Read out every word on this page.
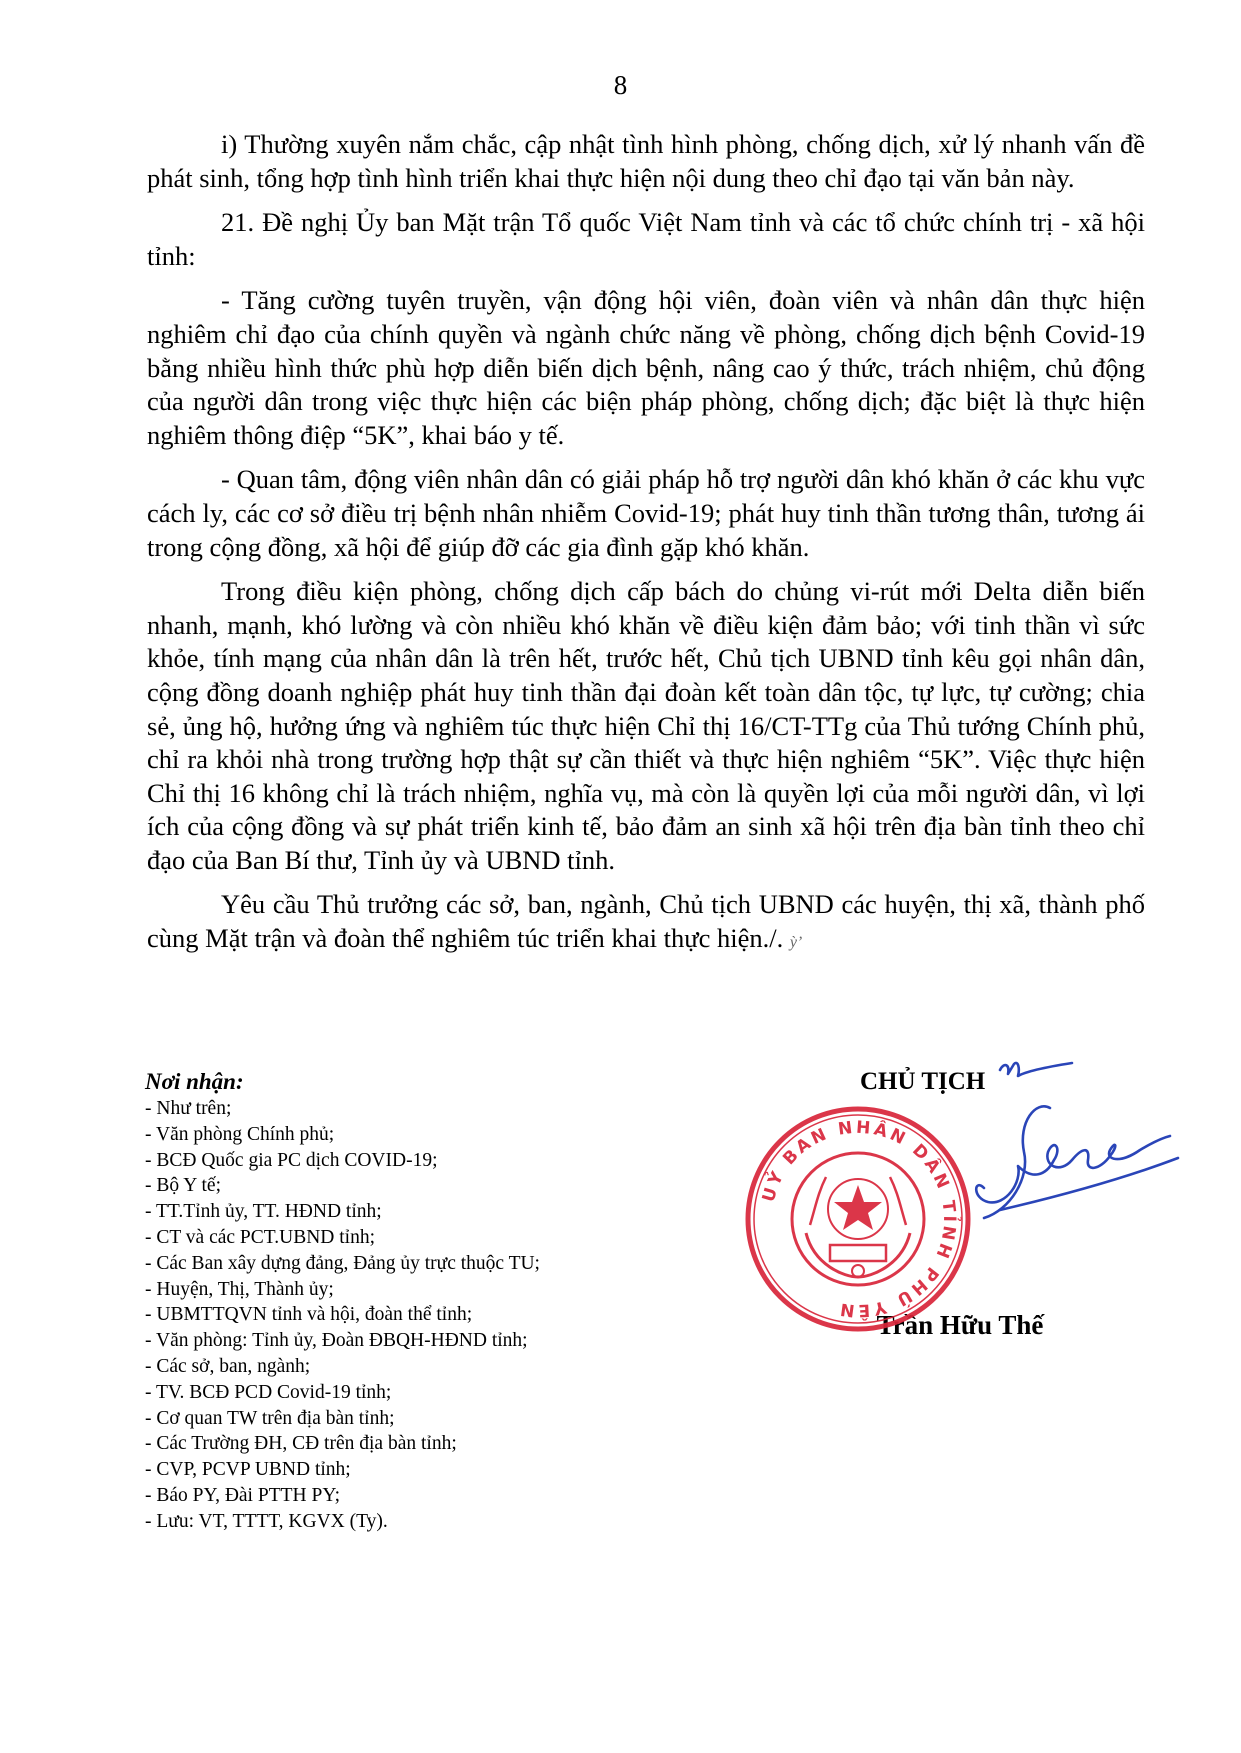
8

i) Thường xuyên nắm chắc, cập nhật tình hình phòng, chống dịch, xử lý nhanh vấn đề phát sinh, tổng hợp tình hình triển khai thực hiện nội dung theo chỉ đạo tại văn bản này.

21. Đề nghị Ủy ban Mặt trận Tổ quốc Việt Nam tỉnh và các tổ chức chính trị - xã hội tỉnh:

- Tăng cường tuyên truyền, vận động hội viên, đoàn viên và nhân dân thực hiện nghiêm chỉ đạo của chính quyền và ngành chức năng về phòng, chống dịch bệnh Covid-19 bằng nhiều hình thức phù hợp diễn biến dịch bệnh, nâng cao ý thức, trách nhiệm, chủ động của người dân trong việc thực hiện các biện pháp phòng, chống dịch; đặc biệt là thực hiện nghiêm thông điệp “5K”, khai báo y tế.

- Quan tâm, động viên nhân dân có giải pháp hỗ trợ người dân khó khăn ở các khu vực cách ly, các cơ sở điều trị bệnh nhân nhiễm Covid-19; phát huy tinh thần tương thân, tương ái trong cộng đồng, xã hội để giúp đỡ các gia đình gặp khó khăn.

Trong điều kiện phòng, chống dịch cấp bách do chủng vi-rút mới Delta diễn biến nhanh, mạnh, khó lường và còn nhiều khó khăn về điều kiện đảm bảo; với tinh thần vì sức khỏe, tính mạng của nhân dân là trên hết, trước hết, Chủ tịch UBND tỉnh kêu gọi nhân dân, cộng đồng doanh nghiệp phát huy tinh thần đại đoàn kết toàn dân tộc, tự lực, tự cường; chia sẻ, ủng hộ, hưởng ứng và nghiêm túc thực hiện Chỉ thị 16/CT-TTg của Thủ tướng Chính phủ, chỉ ra khỏi nhà trong trường hợp thật sự cần thiết và thực hiện nghiêm “5K”. Việc thực hiện Chỉ thị 16 không chỉ là trách nhiệm, nghĩa vụ, mà còn là quyền lợi của mỗi người dân, vì lợi ích của cộng đồng và sự phát triển kinh tế, bảo đảm an sinh xã hội trên địa bàn tỉnh theo chỉ đạo của Ban Bí thư, Tỉnh ủy và UBND tỉnh.

Yêu cầu Thủ trưởng các sở, ban, ngành, Chủ tịch UBND các huyện, thị xã, thành phố cùng Mặt trận và đoàn thể nghiêm túc triển khai thực hiện./. ỳ’

Nơi nhận:
- Như trên;
- Văn phòng Chính phủ;
- BCĐ Quốc gia PC dịch COVID-19;
- Bộ Y tế;
- TT.Tỉnh ủy, TT. HĐND tỉnh;
- CT và các PCT.UBND tỉnh;
- Các Ban xây dựng đảng, Đảng ủy trực thuộc TU;
- Huyện, Thị, Thành ủy;
- UBMTTQVN tỉnh và hội, đoàn thể tỉnh;
- Văn phòng: Tỉnh ủy, Đoàn ĐBQH-HĐND tỉnh;
- Các sở, ban, ngành;
- TV. BCĐ PCD Covid-19 tỉnh;
- Cơ quan TW trên địa bàn tỉnh;
- Các Trường ĐH, CĐ trên địa bàn tỉnh;
- CVP, PCVP UBND tỉnh;
- Báo PY, Đài PTTH PY;
- Lưu: VT, TTTT, KGVX (Ty).
CHỦ TỊCH
Trần Hữu Thế
UỶ BAN NHÂN DÂN TỈNH PHÚ YÊN
